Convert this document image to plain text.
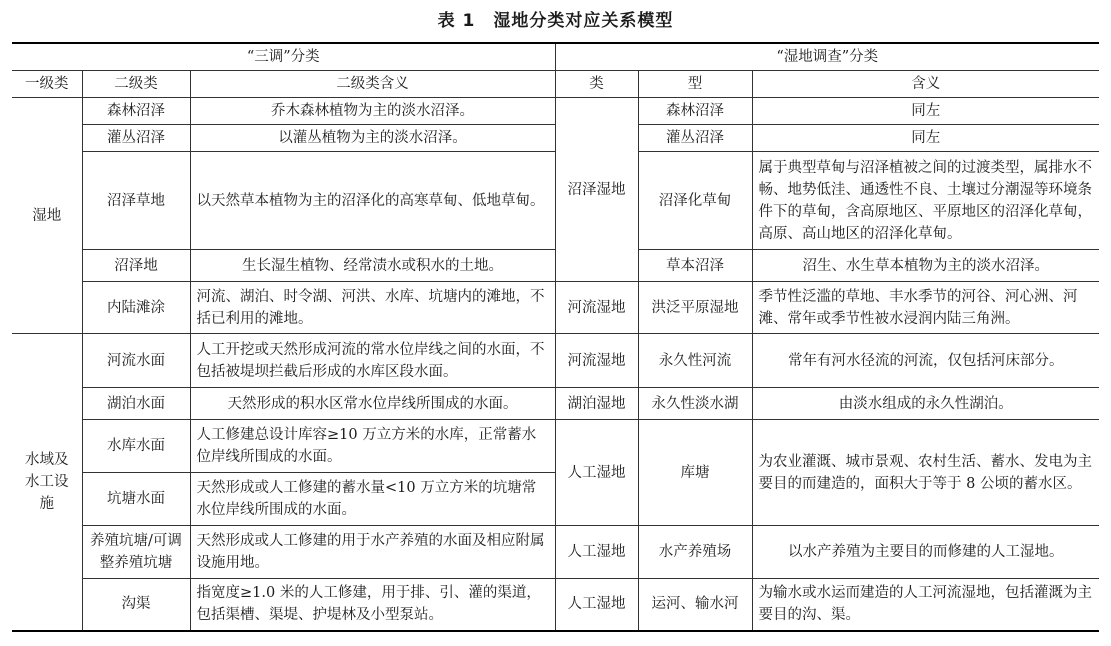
表 1　湿地分类对应关系模型
“三调”分类			“湿地调查”分类		
一级类	二级类	二级类含义	类	型	含义
湿地	森林沼泽	乔木森林植物为主的淡水沼泽。	沼泽湿地	森林沼泽	同左
	灌丛沼泽	以灌丛植物为主的淡水沼泽。		灌丛沼泽	同左
	沼泽草地	以天然草本植物为主的沼泽化的高寒草甸、低地草甸。		沼泽化草甸	属于典型草甸与沼泽植被之间的过渡类型，属排水不畅、地势低洼、通透性不良、土壤过分潮湿等环境条件下的草甸，含高原地区、平原地区的沼泽化草甸，高原、高山地区的沼泽化草甸。
	沼泽地	生长湿生植物、经常渍水或积水的土地。		草本沼泽	沼生、水生草本植物为主的淡水沼泽。
	内陆滩涂	河流、湖泊、时令湖、河洪、水库、坑塘内的滩地，不括已利用的滩地。	河流湿地	洪泛平原湿地	季节性泛滥的草地、丰水季节的河谷、河心洲、河滩、常年或季节性被水浸润内陆三角洲。
水域及水工设施	河流水面	人工开挖或天然形成河流的常水位岸线之间的水面，不包括被堤坝拦截后形成的水库区段水面。	河流湿地	永久性河流	常年有河水径流的河流，仅包括河床部分。
	湖泊水面	天然形成的积水区常水位岸线所围成的水面。	湖泊湿地	永久性淡水湖	由淡水组成的永久性湖泊。
	水库水面	人工修建总设计库容≥10 万立方米的水库，正常蓄水位岸线所围成的水面。	人工湿地	库塘	为农业灌溉、城市景观、农村生活、蓄水、发电为主要目的而建造的，面积大于等于 8 公顷的蓄水区。
	坑塘水面	天然形成或人工修建的蓄水量<10 万立方米的坑塘常水位岸线所围成的水面。			
	养殖坑塘/可调整养殖坑塘	天然形成或人工修建的用于水产养殖的水面及相应附属设施用地。	人工湿地	水产养殖场	以水产养殖为主要目的而修建的人工湿地。
	沟渠	指宽度≥1.0 米的人工修建，用于排、引、灌的渠道，包括渠槽、渠堤、护堤林及小型泵站。	人工湿地	运河、输水河	为输水或水运而建造的人工河流湿地，包括灌溉为主要目的沟、渠。
